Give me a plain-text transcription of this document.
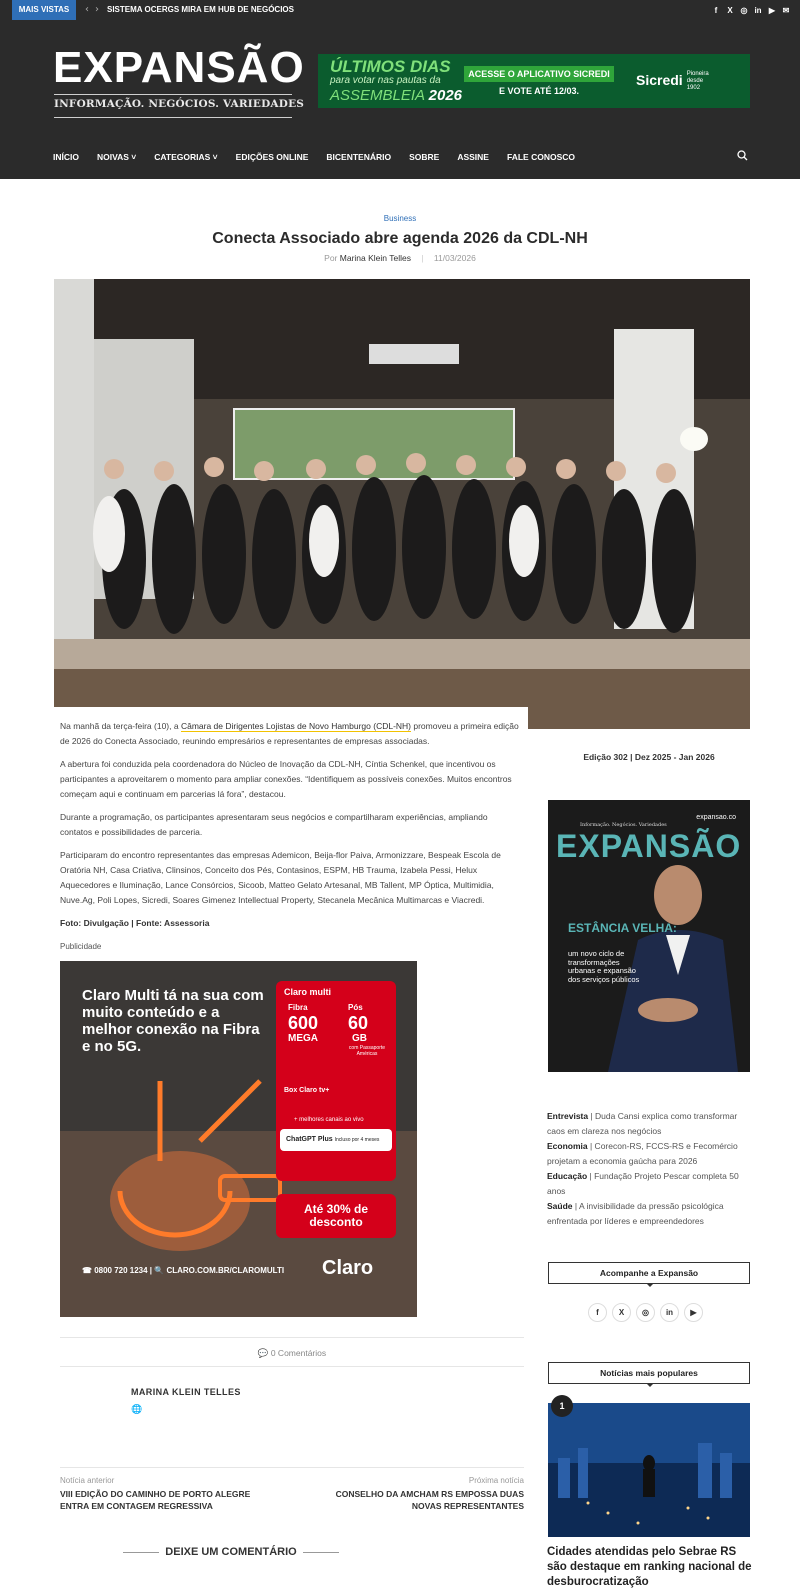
MAIS VISTAS	‹ › SISTEMA OCERGS MIRA EM HUB DE NEGÓCIOS	f	X ◎ in ▶ ✉
EXPANSÃO
INFORMAÇÃO. NEGÓCIOS. VARIEDADES
ÚLTIMOS DIAS
para votar nas pautas da
ASSEMBLEIA 2026
ACESSE O APLICATIVO SICREDI
E VOTE ATÉ 12/03.
Sicredi Pioneira desde 1902
INÍCIO NOIVAS ˅ CATEGORIAS ˅ EDIÇÕES ONLINE BICENTENÁRIO SOBRE ASSINE FALE CONOSCO
Business
Conecta Associado abre agenda 2026 da CDL-NH
Por Marina Klein Telles | 11/03/2026

Na manhã da terça-feira (10), a Câmara de Dirigentes Lojistas de Novo Hamburgo (CDL-NH) promoveu a primeira edição de 2026 do Conecta Associado, reunindo empresários e representantes de empresas associadas.

A abertura foi conduzida pela coordenadora do Núcleo de Inovação da CDL-NH, Cíntia Schenkel, que incentivou os participantes a aproveitarem o momento para ampliar conexões. “Identifiquem as possíveis conexões. Muitos encontros começam aqui e continuam em parcerias lá fora”, destacou.

Durante a programação, os participantes apresentaram seus negócios e compartilharam experiências, ampliando contatos e possibilidades de parceria.

Participaram do encontro representantes das empresas Ademicon, Beija-flor Paiva, Armonizzare, Bespeak Escola de Oratória NH, Casa Criativa, Clinsinos, Conceito dos Pés, Contasinos, ESPM, HB Trauma, Izabela Pessi, Helux Aquecedores e Iluminação, Lance Consórcios, Sicoob, Matteo Gelato Artesanal, MB Tallent, MP Óptica, Multimidia, Nuve.Ag, Poli Lopes, Sicredi, Soares Gimenez Intellectual Property, Stecanela Mecânica Multimarcas e Viacredi.

Foto: Divulgação | Fonte: Assessoria

Publicidade

Claro Multi tá na sua com muito conteúdo e a melhor conexão na Fibra e no 5G.
Claro multi
Fibra
600
MEGA
Pós
60
GB
com Passaporte Américas
Box Claro tv+
+ melhores canais ao vivo
ChatGPT Plus Incluso por 4 meses
Até 30% de desconto
☎ 0800 720 1234 | 🔍 CLARO.COM.BR/CLAROMULTI Claro
💬 0 Comentários
MARINA KLEIN TELLES
🌐
Notícia anterior
VIII EDIÇÃO DO CAMINHO DE PORTO ALEGRE ENTRA EM CONTAGEM REGRESSIVA
Próxima notícia
CONSELHO DA AMCHAM RS EMPOSSA DUAS NOVAS REPRESENTANTES
DEIXE UM COMENTÁRIO
Edição 302 | Dez 2025 - Jan 2026
expansao.co
Informação. Negócios. Variedades
EXPANSÃO
ESTÂNCIA VELHA:
um novo ciclo de transformações urbanas e expansão dos serviços públicos
Entrevista | Duda Cansi explica como transformar caos em clareza nos negócios
Economia | Corecon-RS, FCCS-RS e Fecomércio projetam a economia gaúcha para 2026
Educação | Fundação Projeto Pescar completa 50 anos
Saúde | A invisibilidade da pressão psicológica enfrentada por líderes e empreendedores
Acompanhe a Expansão
f	X	◎	in	▶
Notícias mais populares
1
Cidades atendidas pelo Sebrae RS são destaque em ranking nacional de desburocratização
